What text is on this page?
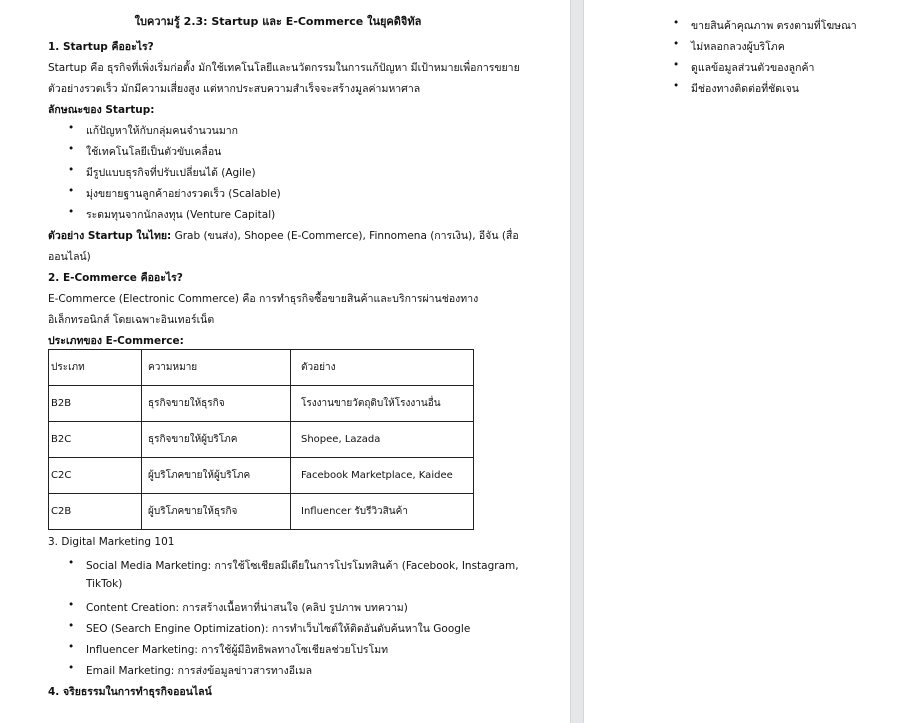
ใบความรู้ 2.3: Startup และ E-Commerce ในยุคดิจิทัล
1. Startup คืออะไร?
Startup คือ ธุรกิจที่เพิ่งเริ่มก่อตั้ง มักใช้เทคโนโลยีและนวัตกรรมในการแก้ปัญหา มีเป้าหมายเพื่อการขยาย
ตัวอย่างรวดเร็ว มักมีความเสี่ยงสูง แต่หากประสบความสำเร็จจะสร้างมูลค่ามหาศาล
ลักษณะของ Startup:
• แก้ปัญหาให้กับกลุ่มคนจำนวนมาก
• ใช้เทคโนโลยีเป็นตัวขับเคลื่อน
• มีรูปแบบธุรกิจที่ปรับเปลี่ยนได้ (Agile)
• มุ่งขยายฐานลูกค้าอย่างรวดเร็ว (Scalable)
• ระดมทุนจากนักลงทุน (Venture Capital)
ตัวอย่าง Startup ในไทย: Grab (ขนส่ง), Shopee (E-Commerce), Finnomena (การเงิน), อีจัน (สื่อ
ออนไลน์)
2. E-Commerce คืออะไร?
E-Commerce (Electronic Commerce) คือ การทำธุรกิจซื้อขายสินค้าและบริการผ่านช่องทาง
อิเล็กทรอนิกส์ โดยเฉพาะอินเทอร์เน็ต
ประเภทของ E-Commerce:
ประเภท	ความหมาย	ตัวอย่าง
B2B	ธุรกิจขายให้ธุรกิจ	โรงงานขายวัตถุดิบให้โรงงานอื่น
B2C	ธุรกิจขายให้ผู้บริโภค	Shopee, Lazada
C2C	ผู้บริโภคขายให้ผู้บริโภค	Facebook Marketplace, Kaidee
C2B	ผู้บริโภคขายให้ธุรกิจ	Influencer รับรีวิวสินค้า
3. Digital Marketing 101
• Social Media Marketing: การใช้โซเชียลมีเดียในการโปรโมทสินค้า (Facebook, Instagram,
TikTok)
• Content Creation: การสร้างเนื้อหาที่น่าสนใจ (คลิป รูปภาพ บทความ)
• SEO (Search Engine Optimization): การทำเว็บไซต์ให้ติดอันดับค้นหาใน Google
• Influencer Marketing: การใช้ผู้มีอิทธิพลทางโซเชียลช่วยโปรโมท
• Email Marketing: การส่งข้อมูลข่าวสารทางอีเมล
4. จริยธรรมในการทำธุรกิจออนไลน์
• ขายสินค้าคุณภาพ ตรงตามที่โฆษณา
• ไม่หลอกลวงผู้บริโภค
• ดูแลข้อมูลส่วนตัวของลูกค้า
• มีช่องทางติดต่อที่ชัดเจน
